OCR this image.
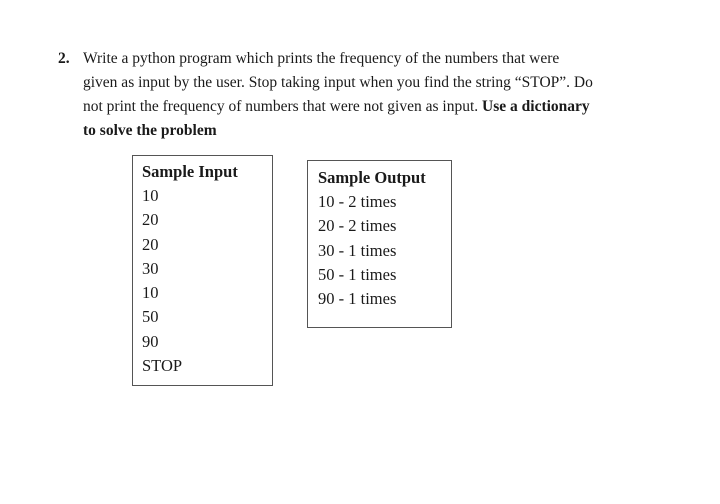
2. Write a python program which prints the frequency of the numbers that were
given as input by the user. Stop taking input when you find the string “STOP”. Do
not print the frequency of numbers that were not given as input. Use a dictionary
to solve the problem
Sample Input
10
20
20
30
10
50
90
STOP
Sample Output
10 - 2 times
20 - 2 times
30 - 1 times
50 - 1 times
90 - 1 times
